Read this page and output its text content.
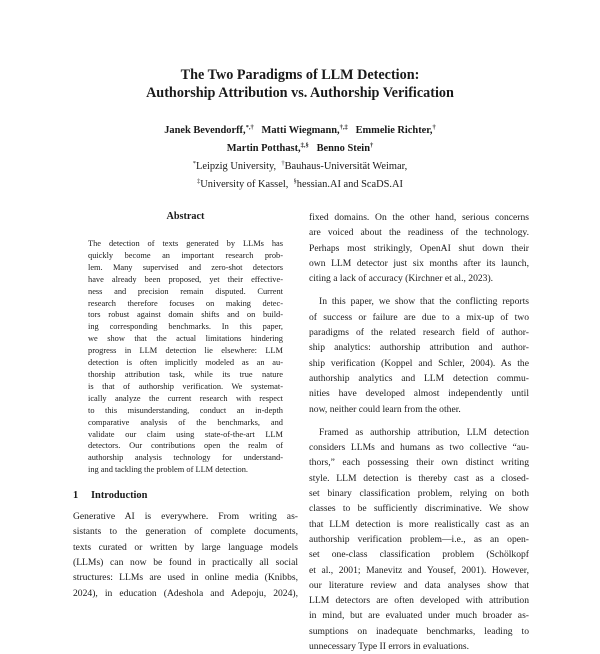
The Two Paradigms of LLM Detection:
Authorship Attribution vs. Authorship Verification
Janek Bevendorff,*,† Matti Wiegmann,†,‡ Emmelie Richter,†
Martin Potthast,‡,§ Benno Stein†
*Leipzig University, †Bauhaus-Universität Weimar,
‡University of Kassel, §hessian.AI and ScaDS.AI
Abstract
The detection of texts generated by LLMs has
quickly become an important research prob-
lem. Many supervised and zero-shot detectors
have already been proposed, yet their effective-
ness and precision remain disputed. Current
research therefore focuses on making detec-
tors robust against domain shifts and on build-
ing corresponding benchmarks. In this paper,
we show that the actual limitations hindering
progress in LLM detection lie elsewhere: LLM
detection is often implicitly modeled as an au-
thorship attribution task, while its true nature
is that of authorship verification. We systemat-
ically analyze the current research with respect
to this misunderstanding, conduct an in-depth
comparative analysis of the benchmarks, and
validate our claim using state-of-the-art LLM
detectors. Our contributions open the realm of
authorship analysis technology for understand-
ing and tackling the problem of LLM detection.
1 Introduction
Generative AI is everywhere. From writing as-
sistants to the generation of complete documents,
texts curated or written by large language models
(LLMs) can now be found in practically all social
structures: LLMs are used in online media (Knibbs,
2024), in education (Adeshola and Adepoju, 2024),
fixed domains. On the other hand, serious concerns
are voiced about the readiness of the technology.
Perhaps most strikingly, OpenAI shut down their
own LLM detector just six months after its launch,
citing a lack of accuracy (Kirchner et al., 2023).
In this paper, we show that the conflicting reports
of success or failure are due to a mix-up of two
paradigms of the related research field of author-
ship analytics: authorship attribution and author-
ship verification (Koppel and Schler, 2004). As the
authorship analytics and LLM detection commu-
nities have developed almost independently until
now, neither could learn from the other.
Framed as authorship attribution, LLM detection
considers LLMs and humans as two collective “au-
thors,” each possessing their own distinct writing
style. LLM detection is thereby cast as a closed-
set binary classification problem, relying on both
classes to be sufficiently discriminative. We show
that LLM detection is more realistically cast as an
authorship verification problem—i.e., as an open-
set one-class classification problem (Schölkopf
et al., 2001; Manevitz and Yousef, 2001). However,
our literature review and data analyses show that
LLM detectors are often developed with attribution
in mind, but are evaluated under much broader as-
sumptions on inadequate benchmarks, leading to
unnecessary Type II errors in evaluations.
